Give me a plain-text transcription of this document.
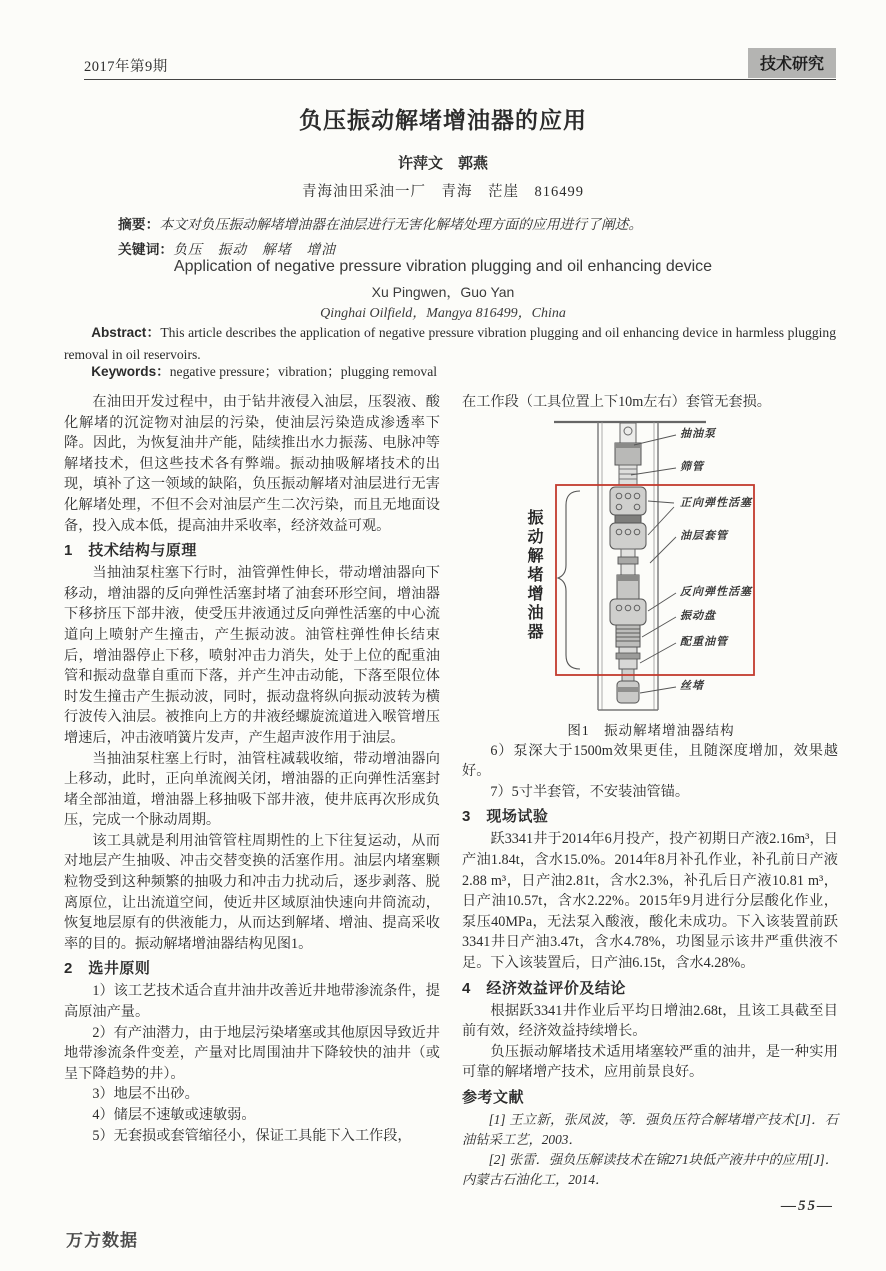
2017年第9期	技术研究
负压振动解堵增油器的应用
许萍文　郭燕
青海油田采油一厂　青海　茫崖　816499

摘要：本文对负压振动解堵增油器在油层进行无害化解堵处理方面的应用进行了阐述。

关键词：负压　振动　解堵　增油

Application of negative pressure vibration plugging and oil enhancing device
Xu Pingwen，Guo Yan
Qinghai Oilfield，Mangya 816499，China

Abstract：This article describes the application of negative pressure vibration plugging and oil enhancing device in harmless plugging removal in oil reservoirs.

Keywords：negative pressure；vibration；plugging removal

在油田开发过程中，由于钻井液侵入油层，压裂液、酸化解堵的沉淀物对油层的污染，使油层污染造成渗透率下降。因此，为恢复油井产能，陆续推出水力振荡、电脉冲等解堵技术，但这些技术各有弊端。振动抽吸解堵技术的出现，填补了这一领域的缺陷，负压振动解堵对油层进行无害化解堵处理，不但不会对油层产生二次污染，而且无地面设备，投入成本低，提高油井采收率，经济效益可观。

1　技术结构与原理

当抽油泵柱塞下行时，油管弹性伸长，带动增油器向下移动，增油器的反向弹性活塞封堵了油套环形空间，增油器下移挤压下部井液，使受压井液通过反向弹性活塞的中心流道向上喷射产生撞击，产生振动波。油管柱弹性伸长结束后，增油器停止下移，喷射冲击力消失，处于上位的配重油管和振动盘靠自重而下落，并产生冲击动能，下落至限位体时发生撞击产生振动波，同时，振动盘将纵向振动波转为横行波传入油层。被推向上方的井液经螺旋流道进入喉管增压增速后，冲击液哨簧片发声，产生超声波作用于油层。

当抽油泵柱塞上行时，油管柱减载收缩，带动增油器向上移动，此时，正向单流阀关闭，增油器的正向弹性活塞封堵全部油道，增油器上移抽吸下部井液，使井底再次形成负压，完成一个脉动周期。

该工具就是利用油管管柱周期性的上下往复运动，从而对地层产生抽吸、冲击交替变换的活塞作用。油层内堵塞颗粒物受到这种频繁的抽吸力和冲击力扰动后，逐步剥落、脱离原位，让出流道空间，使近井区域原油快速向井筒流动，恢复地层原有的供液能力，从而达到解堵、增油、提高采收率的目的。振动解堵增油器结构见图1。

2　选井原则

1）该工艺技术适合直井油井改善近井地带渗流条件，提高原油产量。

2）有产油潜力，由于地层污染堵塞或其他原因导致近井地带渗流条件变差，产量对比周围油井下降较快的油井（或呈下降趋势的井）。

3）地层不出砂。

4）储层不速敏或速敏弱。

5）无套损或套管缩径小，保证工具能下入工作段，

在工作段（工具位置上下10m左右）套管无套损。

振动解堵增油器
抽油泵
筛管
正向弹性活塞
油层套管
反向弹性活塞
振动盘
配重油管
丝堵
图1　振动解堵增油器结构

6）泵深大于1500m效果更佳，且随深度增加，效果越好。

7）5寸半套管，不安装油管锚。

3　现场试验

跃3341井于2014年6月投产，投产初期日产液2.16m³，日产油1.84t，含水15.0%。2014年8月补孔作业，补孔前日产液2.88 m³，日产油2.81t，含水2.3%，补孔后日产液10.81 m³，日产油10.57t，含水2.22%。2015年9月进行分层酸化作业，泵压40MPa，无法泵入酸液，酸化未成功。下入该装置前跃3341井日产油3.47t，含水4.78%，功图显示该井严重供液不足。下入该装置后，日产油6.15t，含水4.28%。

4　经济效益评价及结论

根据跃3341井作业后平均日增油2.68t，且该工具截至目前有效，经济效益持续增长。

负压振动解堵技术适用堵塞较严重的油井，是一种实用可靠的解堵增产技术，应用前景良好。

参考文献

[1] 王立新，张凤波，等．强负压符合解堵增产技术[J]．石油钻采工艺，2003．

[2] 张雷．强负压解读技术在锦271块低产液井中的应用[J]．内蒙古石油化工，2014．

—55—
万方数据
